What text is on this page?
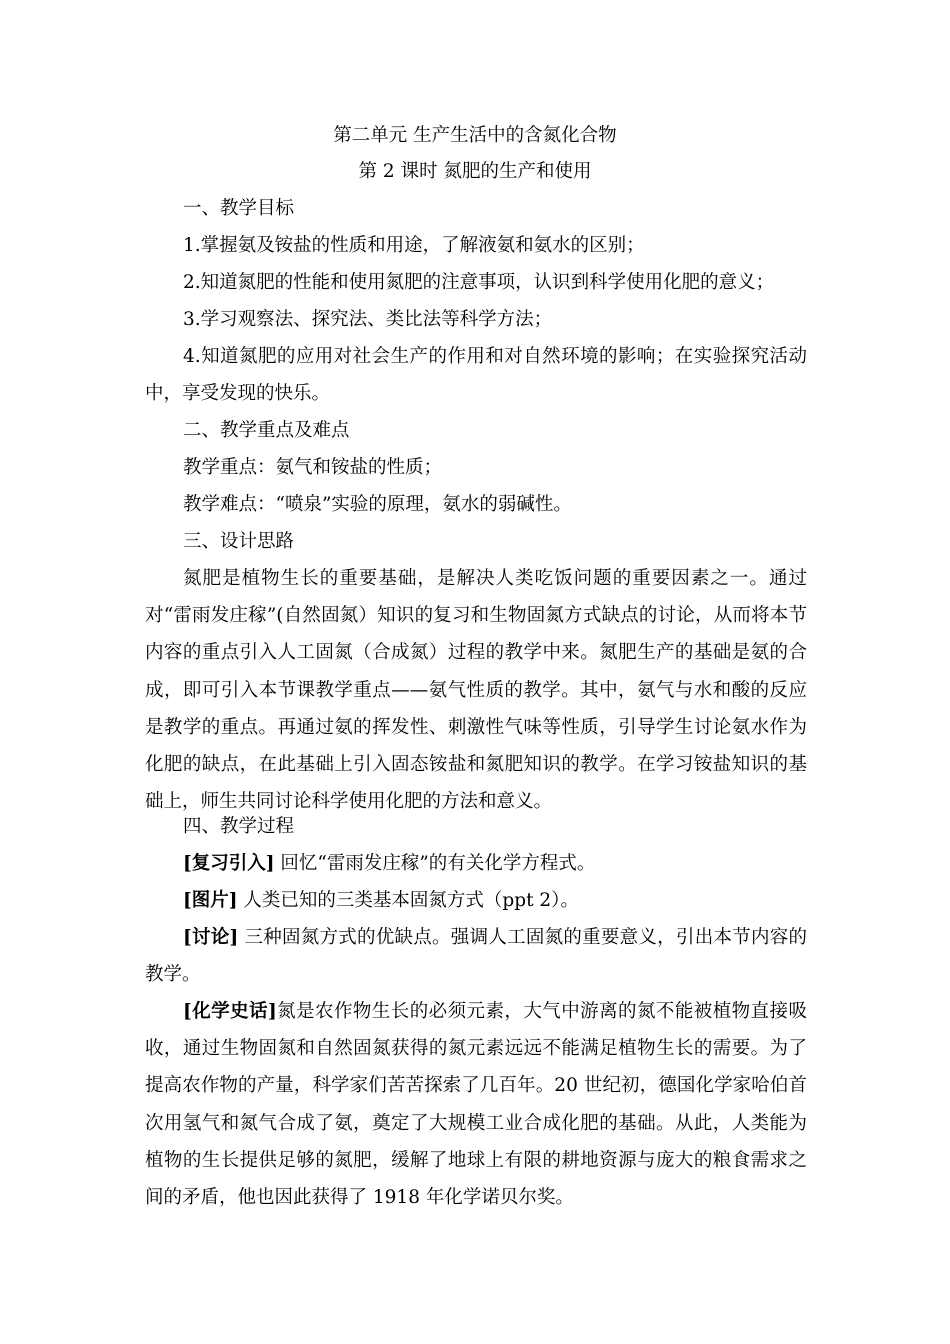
第二单元 生产生活中的含氮化合物
第 2 课时 氮肥的生产和使用
一、教学目标
1.掌握氨及铵盐的性质和用途，了解液氨和氨水的区别；
2.知道氮肥的性能和使用氮肥的注意事项，认识到科学使用化肥的意义；
3.学习观察法、探究法、类比法等科学方法；
4.知道氮肥的应用对社会生产的作用和对自然环境的影响；在实验探究活动中，享受发现的快乐。
二、教学重点及难点
教学重点：氨气和铵盐的性质；
教学难点：“喷泉”实验的原理，氨水的弱碱性。
三、设计思路
氮肥是植物生长的重要基础，是解决人类吃饭问题的重要因素之一。通过对“雷雨发庄稼”(自然固氮）知识的复习和生物固氮方式缺点的讨论，从而将本节内容的重点引入人工固氮（合成氮）过程的教学中来。氮肥生产的基础是氨的合成，即可引入本节课教学重点——氨气性质的教学。其中，氨气与水和酸的反应是教学的重点。再通过氨的挥发性、刺激性气味等性质，引导学生讨论氨水作为化肥的缺点，在此基础上引入固态铵盐和氮肥知识的教学。在学习铵盐知识的基础上，师生共同讨论科学使用化肥的方法和意义。
四、教学过程
[复习引入] 回忆“雷雨发庄稼”的有关化学方程式。
[图片] 人类已知的三类基本固氮方式（ppt 2）。
[讨论] 三种固氮方式的优缺点。强调人工固氮的重要意义，引出本节内容的教学。
[化学史话]氮是农作物生长的必须元素，大气中游离的氮不能被植物直接吸收，通过生物固氮和自然固氮获得的氮元素远远不能满足植物生长的需要。为了提高农作物的产量，科学家们苦苦探索了几百年。20 世纪初，德国化学家哈伯首次用氢气和氮气合成了氨，奠定了大规模工业合成化肥的基础。从此，人类能为植物的生长提供足够的氮肥，缓解了地球上有限的耕地资源与庞大的粮食需求之间的矛盾，他也因此获得了 1918 年化学诺贝尔奖。
